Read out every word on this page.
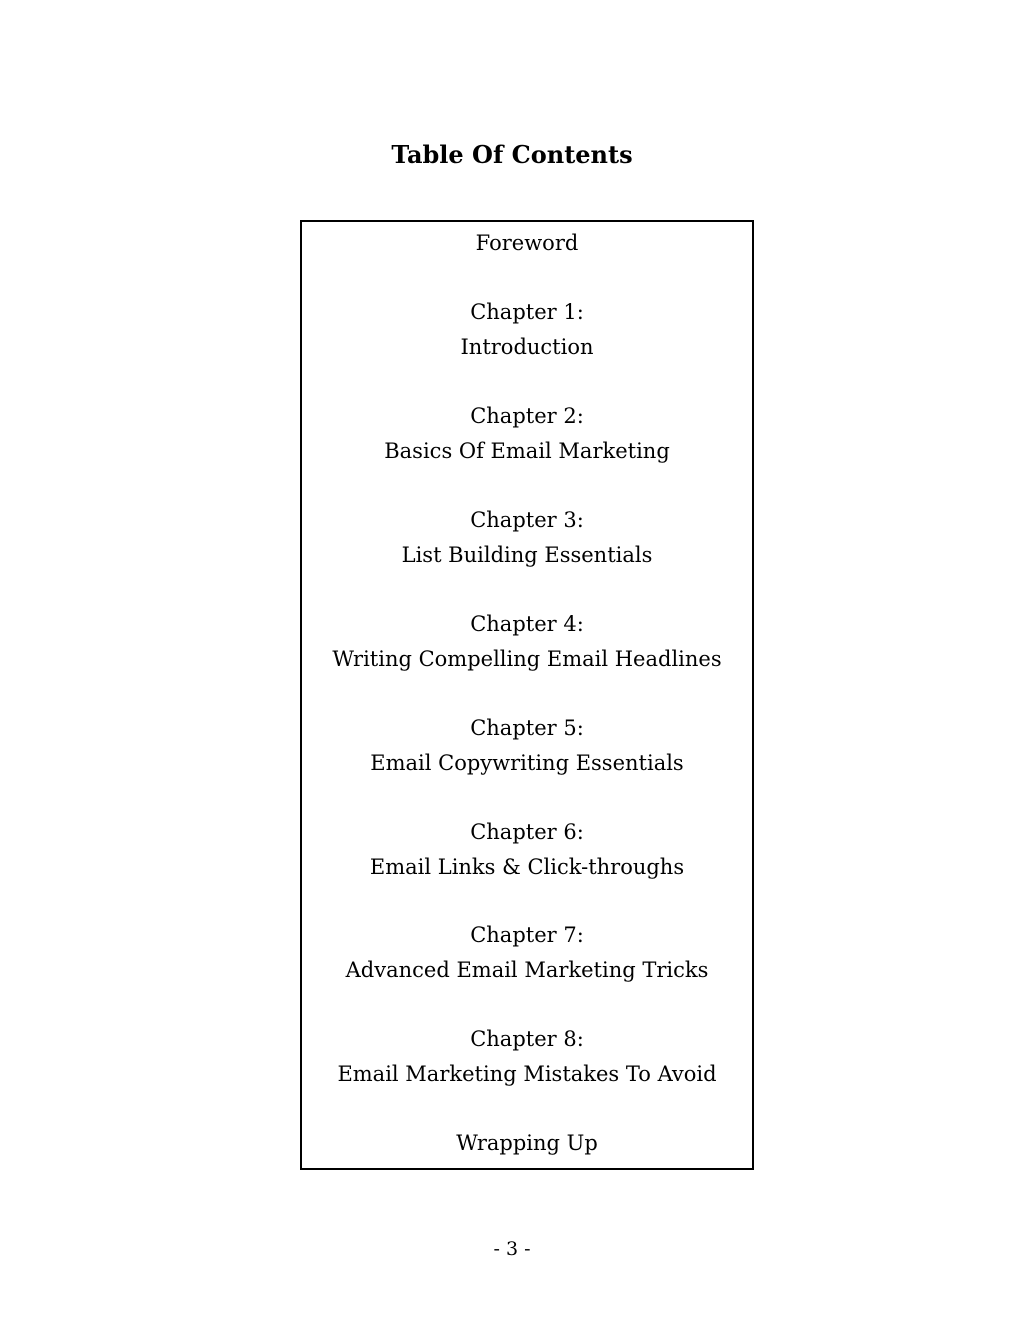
Table Of Contents
Foreword
Chapter 1:
Introduction
Chapter 2:
Basics Of Email Marketing
Chapter 3:
List Building Essentials
Chapter 4:
Writing Compelling Email Headlines
Chapter 5:
Email Copywriting Essentials
Chapter 6:
Email Links & Click-throughs
Chapter 7:
Advanced Email Marketing Tricks
Chapter 8:
Email Marketing Mistakes To Avoid
Wrapping Up
- 3 -
